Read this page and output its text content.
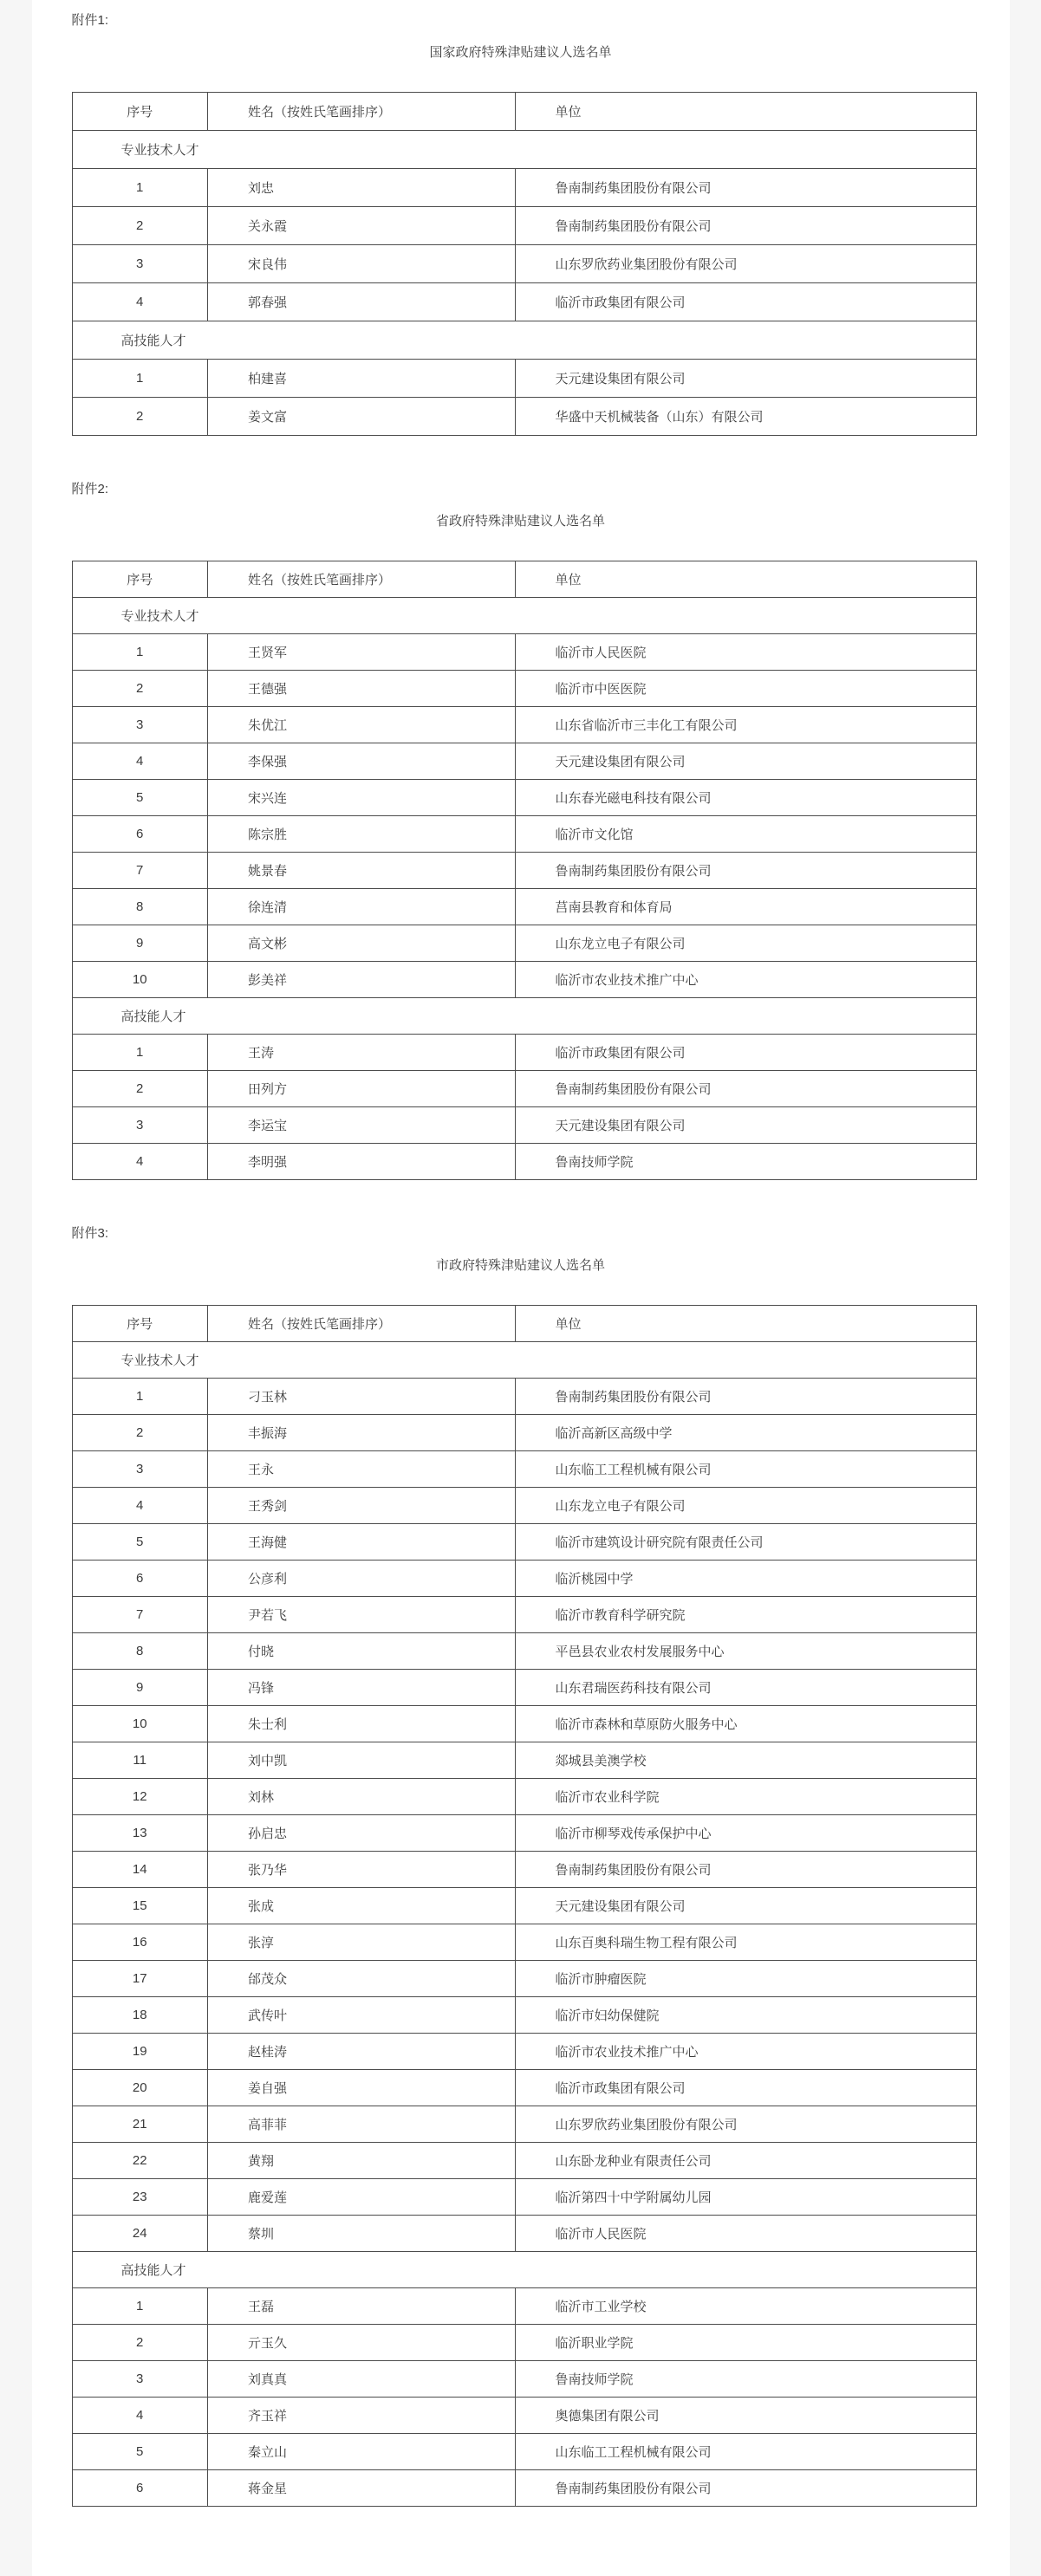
附件1:
国家政府特殊津贴建议人选名单
序号	姓名（按姓氏笔画排序）	单位
专业技术人才		
1	刘忠	鲁南制药集团股份有限公司
2	关永霞	鲁南制药集团股份有限公司
3	宋良伟	山东罗欣药业集团股份有限公司
4	郭春强	临沂市政集团有限公司
高技能人才		
1	柏建喜	天元建设集团有限公司
2	姜文富	华盛中天机械装备（山东）有限公司
附件2:
省政府特殊津贴建议人选名单
序号	姓名（按姓氏笔画排序）	单位
专业技术人才		
1	王贤军	临沂市人民医院
2	王德强	临沂市中医医院
3	朱优江	山东省临沂市三丰化工有限公司
4	李保强	天元建设集团有限公司
5	宋兴连	山东春光磁电科技有限公司
6	陈宗胜	临沂市文化馆
7	姚景春	鲁南制药集团股份有限公司
8	徐连清	莒南县教育和体育局
9	高文彬	山东龙立电子有限公司
10	彭美祥	临沂市农业技术推广中心
高技能人才		
1	王涛	临沂市政集团有限公司
2	田列方	鲁南制药集团股份有限公司
3	李运宝	天元建设集团有限公司
4	李明强	鲁南技师学院
附件3:
市政府特殊津贴建议人选名单
序号	姓名（按姓氏笔画排序）	单位
专业技术人才		
1	刁玉林	鲁南制药集团股份有限公司
2	丰振海	临沂高新区高级中学
3	王永	山东临工工程机械有限公司
4	王秀剑	山东龙立电子有限公司
5	王海健	临沂市建筑设计研究院有限责任公司
6	公彦利	临沂桃园中学
7	尹若飞	临沂市教育科学研究院
8	付晓	平邑县农业农村发展服务中心
9	冯锋	山东君瑞医药科技有限公司
10	朱士利	临沂市森林和草原防火服务中心
11	刘中凯	郯城县美澳学校
12	刘林	临沂市农业科学院
13	孙启忠	临沂市柳琴戏传承保护中心
14	张乃华	鲁南制药集团股份有限公司
15	张成	天元建设集团有限公司
16	张淳	山东百奥科瑞生物工程有限公司
17	邰茂众	临沂市肿瘤医院
18	武传叶	临沂市妇幼保健院
19	赵桂涛	临沂市农业技术推广中心
20	姜自强	临沂市政集团有限公司
21	高菲菲	山东罗欣药业集团股份有限公司
22	黄翔	山东卧龙种业有限责任公司
23	鹿爱莲	临沂第四十中学附属幼儿园
24	蔡圳	临沂市人民医院
高技能人才		
1	王磊	临沂市工业学校
2	亓玉久	临沂职业学院
3	刘真真	鲁南技师学院
4	齐玉祥	奥德集团有限公司
5	秦立山	山东临工工程机械有限公司
6	蒋金星	鲁南制药集团股份有限公司
